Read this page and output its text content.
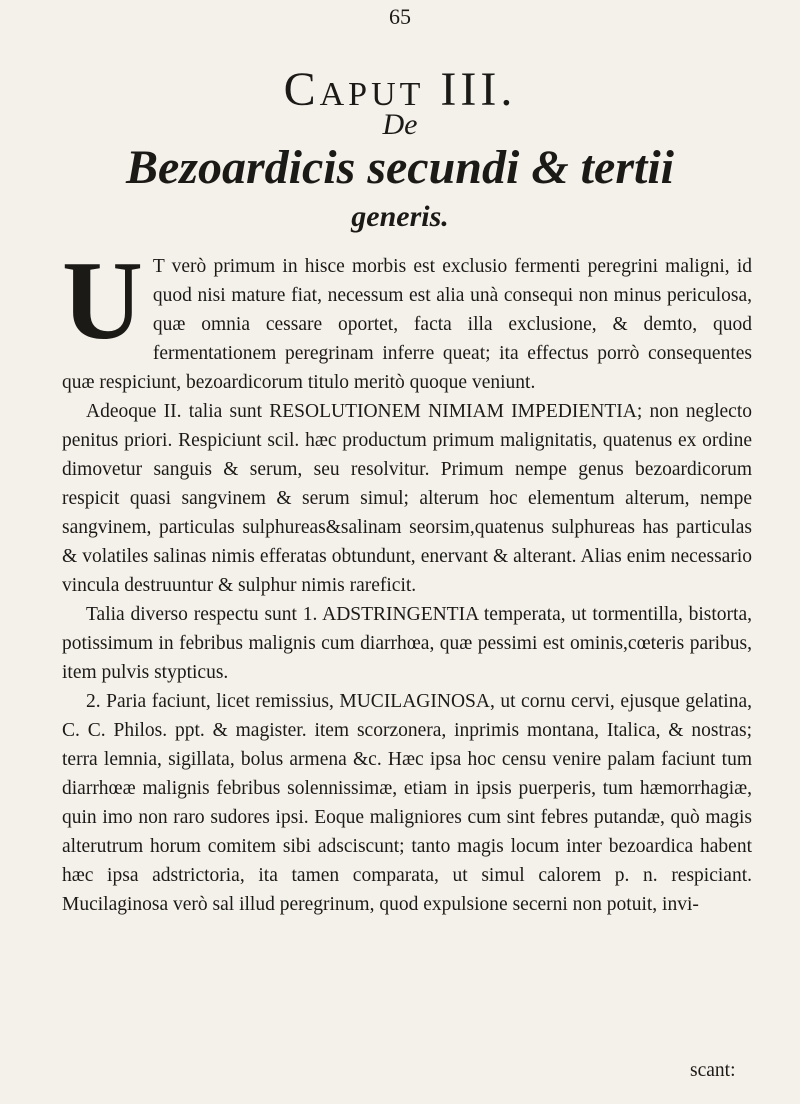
65
Caput III.
De
Bezoardicis secundi & tertii
generis.

U T verò primum in hisce morbis est exclusio fermenti peregrini maligni, id quod nisi mature fiat, necessum est alia unà consequi non minus periculosa, quæ omnia cessare oportet, facta illa exclusione, & demto, quod fermentationem peregrinam inferre queat; ita effectus porrò consequentes quæ respiciunt, bezoardicorum titulo meritò quoque veniunt.

Adeoque II. talia sunt RESOLUTIONEM NIMIAM IMPEDIENTIA; non neglecto penitus priori. Respiciunt scil. hæc productum primum malignitatis, quatenus ex ordine dimovetur sanguis & serum, seu resolvitur. Primum nempe genus bezoardicorum respicit quasi sangvinem & serum simul; alterum hoc elementum alterum, nempe sangvinem, particulas sulphureas&salinam seorsim,quatenus sulphureas has particulas & volatiles salinas nimis efferatas obtundunt, enervant & alterant. Alias enim necessario vincula destruuntur & sulphur nimis rareficit.

Talia diverso respectu sunt 1. ADSTRINGENTIA temperata, ut tormentilla, bistorta, potissimum in febribus malignis cum diarrhœa, quæ pessimi est ominis,cœteris paribus, item pulvis stypticus.

2. Paria faciunt, licet remissius, MUCILAGINOSA, ut cornu cervi, ejusque gelatina, C. C. Philos. ppt. & magister. item scorzonera, inprimis montana, Italica, & nostras; terra lemnia, sigillata, bolus armena &c. Hæc ipsa hoc censu venire palam faciunt tum diarrhœæ malignis febribus solennissimæ, etiam in ipsis puerperis, tum hæmorrhagiæ, quin imo non raro sudores ipsi. Eoque maligniores cum sint febres putandæ, quò magis alterutrum horum comitem sibi adsciscunt; tanto magis locum inter bezoardica habent hæc ipsa adstrictoria, ita tamen comparata, ut simul calorem p. n. respiciant. Mucilaginosa verò sal illud peregrinum, quod expulsione secerni non potuit, invi-

scant:
